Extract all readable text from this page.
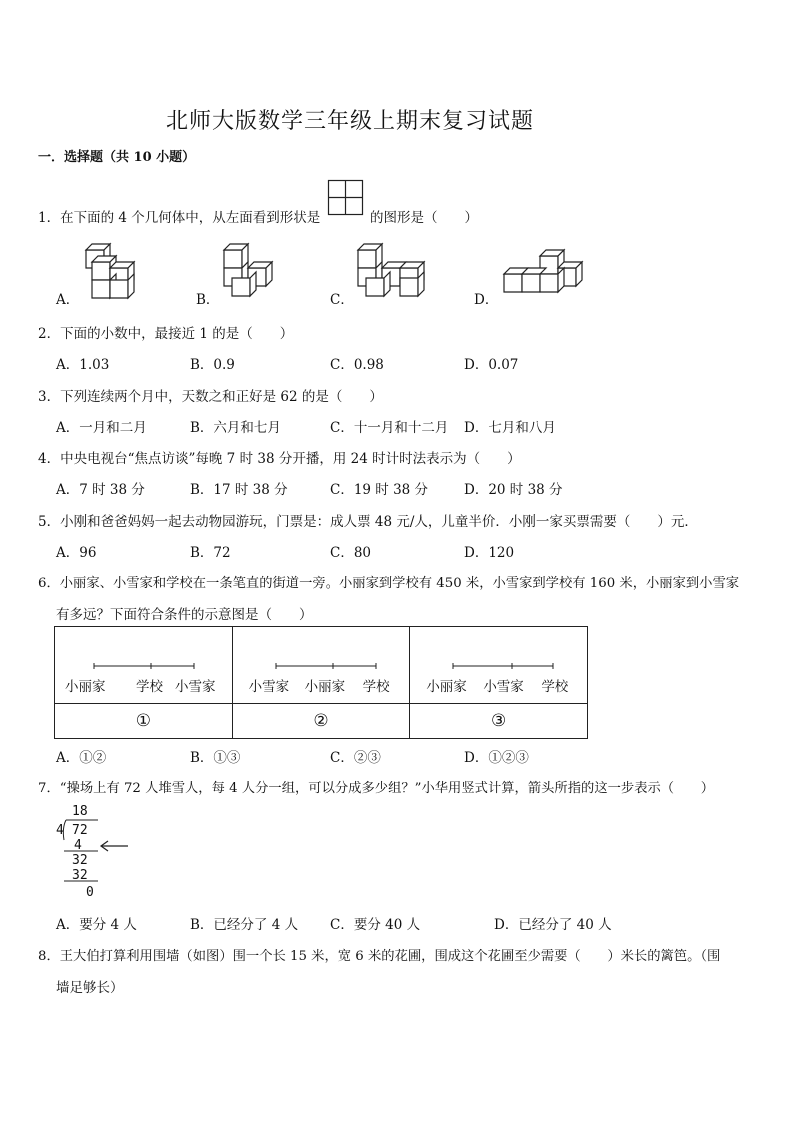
北师大版数学三年级上期末复习试题
一．选择题（共 10 小题）
1．在下面的 4 个几何体中，从左面看到形状是	的图形是（　　）
A．	B．	C．	D．
2．下面的小数中，最接近 1 的是（　　）
A．1.03	B．0.9	C．0.98	D．0.07
3．下列连续两个月中，天数之和正好是 62 的是（　　）
A．一月和二月	B．六月和七月	C．十一月和十二月 D．七月和八月
4．中央电视台“焦点访谈”每晚 7 时 38 分开播，用 24 时计时法表示为（　　）
A．7 时 38 分	B．17 时 38 分	C．19 时 38 分	D．20 时 38 分
5．小刚和爸爸妈妈一起去动物园游玩，门票是：成人票 48 元/人，儿童半价．小刚一家买票需要（　　）元．
A．96	B．72	C．80	D．120
6．小丽家、小雪家和学校在一条笔直的街道一旁。小丽家到学校有 450 米，小雪家到学校有 160 米，小丽家到小雪家
有多远？下面符合条件的示意图是（　　）
小丽家 学校 小雪家	小雪家 小丽家 学校	小丽家 小雪家 学校

①	②	③
A．①②	B．①③	C．②③	D．①②③
7．“操场上有 72 人堆雪人，每 4 人分一组，可以分成多少组？”小华用竖式计算，箭头所指的这一步表示（　　）
18
4 72
4
32
32
0
A．要分 4 人	B．已经分了 4 人 C．要分 40 人	D．已经分了 40 人
8．王大伯打算利用围墙（如图）围一个长 15 米，宽 6 米的花圃，围成这个花圃至少需要（　　）米长的篱笆。（围
墙足够长）
